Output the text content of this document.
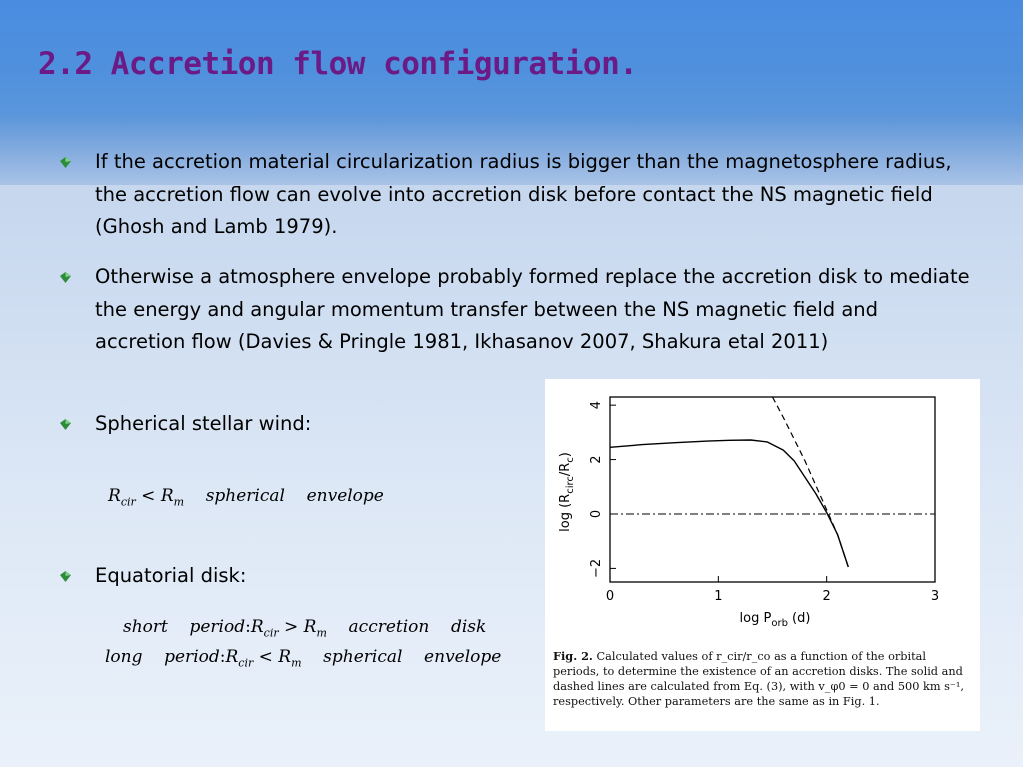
2.2 Accretion flow configuration.
If the accretion material circularization radius is bigger than the magnetosphere radius, the accretion flow can evolve into accretion disk before contact the NS magnetic field (Ghosh and Lamb 1979).
Otherwise a atmosphere envelope probably formed replace the accretion disk to mediate the energy and angular momentum transfer between the NS magnetic field and accretion flow (Davies & Pringle 1981, Ikhasanov 2007, Shakura etal 2011)
Spherical stellar wind:
$R_{cir} < R_m$ spherical    envelope
Equatorial disk:
short    $period:R_{cir} > R_m$ accretion    disk
long    $period:R_{cir} < R_m$ spherical    envelope
0	1	2	3
−2
0
2
4
$\log P_{orb}$ (d)
$\log (R_{circ}/R_c)$
Fig. 2. Calculated values of r_cir/r_co as a function of the orbital periods, to determine the existence of an accretion disks. The solid and dashed lines are calculated from Eq. (3), with v_φ0 = 0 and 500 km s⁻¹, respectively. Other parameters are the same as in Fig. 1.
